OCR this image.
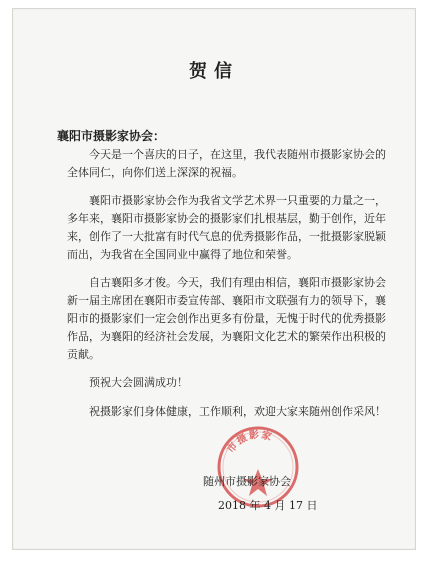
贺信
襄阳市摄影家协会：

今天是一个喜庆的日子，在这里，我代表随州市摄影家协会的全体同仁，向你们送上深深的祝福。

襄阳市摄影家协会作为我省文学艺术界一只重要的力量之一，多年来，襄阳市摄影家协会的摄影家们扎根基层，勤于创作，近年来，创作了一大批富有时代气息的优秀摄影作品，一批摄影家脱颖而出，为我省在全国同业中赢得了地位和荣誉。

自古襄阳多才俊。今天，我们有理由相信，襄阳市摄影家协会新一届主席团在襄阳市委宣传部、襄阳市文联强有力的领导下，襄阳市的摄影家们一定会创作出更多有份量，无愧于时代的优秀摄影作品，为襄阳的经济社会发展，为襄阳文化艺术的繁荣作出积极的贡献。

预祝大会圆满成功！

祝摄影家们身体健康，工作顺利，欢迎大家来随州创作采风！

市摄影家
随州市摄影家协会
2018 年 4 月 17 日
